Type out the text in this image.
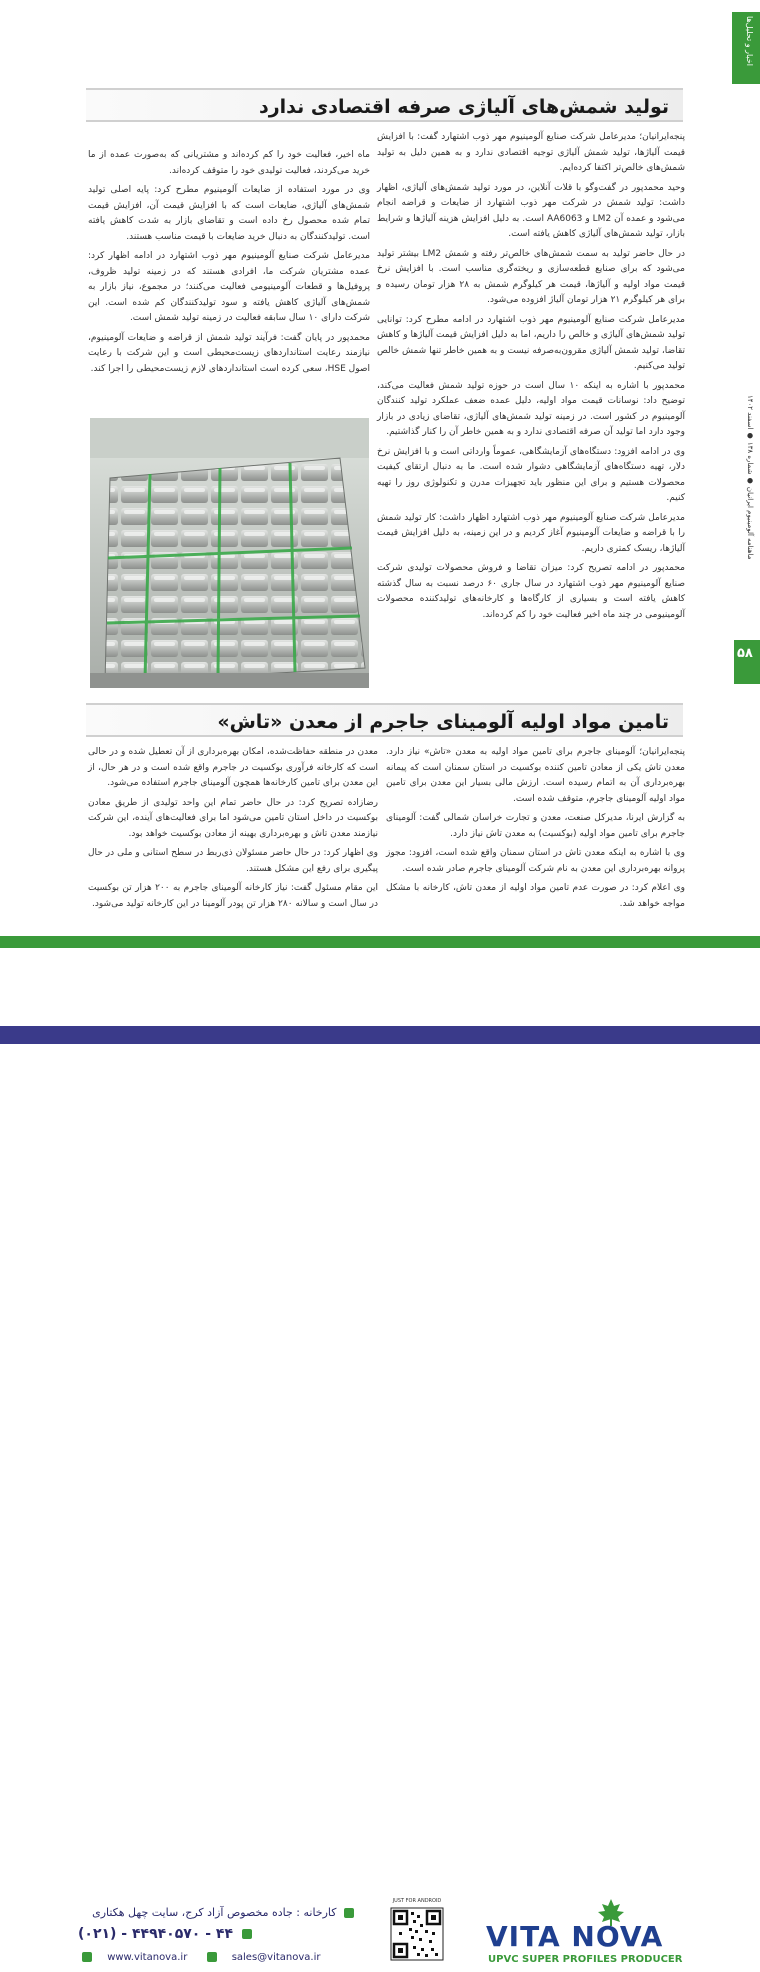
اخبار و تحلیل‌ها
ماهنامه آلومینیوم ایرانیان ● شماره ۱۳۸ ● اسفند ۱۴۰۲
۵۸
تولید شمش‌های آلیاژی صرفه اقتصادی ندارد

پنجه‌ایرانیان؛ مدیرعامل شرکت صنایع آلومینیوم مهر ذوب اشتهارد گفت: با افزایش قیمت آلیاژها، تولید شمش آلیاژی توجیه اقتصادی ندارد و به همین دلیل به تولید شمش‌های خالص‌تر اکتفا کرده‌ایم.

وحید محمدپور در گفت‌وگو با قلات آنلاین، در مورد تولید شمش‌های آلیاژی، اظهار داشت: تولید شمش در شرکت مهر ذوب اشتهارد از ضایعات و قراضه انجام می‌شود و عمده آن LM2 و AA6063 است. به دلیل افزایش هزینه آلیاژها و شرایط بازار، تولید شمش‌های آلیاژی کاهش یافته است.

در حال حاضر تولید به سمت شمش‌های خالص‌تر رفته و شمش LM2 بیشتر تولید می‌شود که برای صنایع قطعه‌سازی و ریخته‌گری مناسب است. با افزایش نرخ قیمت مواد اولیه و آلیاژها، قیمت هر کیلوگرم شمش به ۲۸ هزار تومان رسیده و برای هر کیلوگرم ۲۱ هزار تومان آلیاژ افزوده می‌شود.

مدیرعامل شرکت صنایع آلومینیوم مهر ذوب اشتهارد در ادامه مطرح کرد: توانایی تولید شمش‌های آلیاژی و خالص را داریم، اما به دلیل افزایش قیمت آلیاژها و کاهش تقاضا، تولید شمش آلیاژی مقرون‌به‌صرفه نیست و به همین خاطر تنها شمش خالص تولید می‌کنیم.

محمدپور با اشاره به اینکه ۱۰ سال است در حوزه تولید شمش فعالیت می‌کند، توضیح داد: نوسانات قیمت مواد اولیه، دلیل عمده ضعف عملکرد تولید کنندگان آلومینیوم در کشور است. در زمینه تولید شمش‌های آلیاژی، تقاضای زیادی در بازار وجود دارد اما تولید آن صرفه اقتصادی ندارد و به همین خاطر آن را کنار گذاشتیم.

وی در ادامه افزود: دستگاه‌های آزمایشگاهی، عموماً وارداتی است و با افزایش نرخ دلار، تهیه دستگاه‌های آزمایشگاهی دشوار شده است. ما به دنبال ارتقای کیفیت محصولات هستیم و برای این منظور باید تجهیزات مدرن و تکنولوژی روز را تهیه کنیم.

مدیرعامل شرکت صنایع آلومینیوم مهر ذوب اشتهارد اظهار داشت: کار تولید شمش را با قراضه و ضایعات آلومینیوم آغاز کردیم و در این زمینه، به دلیل افزایش قیمت آلیاژها، ریسک کمتری داریم.

محمدپور در ادامه تصریح کرد: میزان تقاضا و فروش محصولات تولیدی شرکت صنایع آلومینیوم مهر ذوب اشتهارد در سال جاری ۶۰ درصد نسبت به سال گذشته کاهش یافته است و بسیاری از کارگاه‌ها و کارخانه‌های تولیدکننده محصولات آلومینیومی در چند ماه اخیر فعالیت خود را کم کرده‌اند.

ماه اخیر، فعالیت خود را کم کرده‌اند و مشتریانی که به‌صورت عمده از ما خرید می‌کردند، فعالیت تولیدی خود را متوقف کرده‌اند.

وی در مورد استفاده از ضایعات آلومینیوم مطرح کرد: پایه اصلی تولید شمش‌های آلیاژی، ضایعات است که با افزایش قیمت آن، افزایش قیمت تمام شده محصول رخ داده است و تقاضای بازار به شدت کاهش یافته است. تولیدکنندگان به دنبال خرید ضایعات با قیمت مناسب هستند.

مدیرعامل شرکت صنایع آلومینیوم مهر ذوب اشتهارد در ادامه اظهار کرد: عمده مشتریان شرکت ما، افرادی هستند که در زمینه تولید ظروف، پروفیل‌ها و قطعات آلومینیومی فعالیت می‌کنند؛ در مجموع، نیاز بازار به شمش‌های آلیاژی کاهش یافته و سود تولیدکنندگان کم شده است. این شرکت دارای ۱۰ سال سابقه فعالیت در زمینه تولید شمش است.

محمدپور در پایان گفت: فرآیند تولید شمش از قراضه و ضایعات آلومینیوم، نیازمند رعایت استانداردهای زیست‌محیطی است و این شرکت با رعایت اصول HSE، سعی کرده است استانداردهای لازم زیست‌محیطی را اجرا کند.

تامین مواد اولیه آلومینای جاجرم از معدن «تاش»

پنجه‌ایرانیان؛ آلومینای جاجرم برای تامین مواد اولیه به معدن «تاش» نیاز دارد. معدن تاش یکی از معادن تامین کننده بوکسیت در استان سمنان است که پیمانه بهره‌برداری آن به اتمام رسیده است. ارزش مالی بسیار این معدن برای تامین مواد اولیه آلومینای جاجرم، متوقف شده است.

به گزارش ایرنا، مدیرکل صنعت، معدن و تجارت خراسان شمالی گفت: آلومینای جاجرم برای تامین مواد اولیه (بوکسیت) به معدن تاش نیاز دارد.

وی با اشاره به اینکه معدن تاش در استان سمنان واقع شده است، افزود: مجوز پروانه بهره‌برداری این معدن به نام شرکت آلومینای جاجرم صادر شده است.

وی اعلام کرد: در صورت عدم تامین مواد اولیه از معدن تاش، کارخانه با مشکل مواجه خواهد شد.

معدن در منطقه حفاظت‌شده، امکان بهره‌برداری از آن تعطیل شده و در حالی است که کارخانه فرآوری بوکسیت در جاجرم واقع شده است و در هر حال، از این معدن برای تامین کارخانه‌ها همچون آلومینای جاجرم استفاده می‌شود.

رضازاده تصریح کرد: در حال حاضر تمام این واحد تولیدی از طریق معادن بوکسیت در داخل استان تامین می‌شود اما برای فعالیت‌های آینده، این شرکت نیازمند معدن تاش و بهره‌برداری بهینه از معادن بوکسیت خواهد بود.

وی اظهار کرد: در حال حاضر مسئولان ذی‌ربط در سطح استانی و ملی در حال پیگیری برای رفع این مشکل هستند.

این مقام مسئول گفت: نیاز کارخانه آلومینای جاجرم به ۲۰۰ هزار تن بوکسیت در سال است و سالانه ۲۸۰ هزار تن پودر آلومینا در این کارخانه تولید می‌شود.

کارخانه : جاده مخصوص آزاد کرج، سایت چهل هکتاری
(۰۲۱) - ۴۴۹۴۰۵۷۰ - ۴۴
www.vitanova.ir	sales@vitanova.ir
JUST FOR ANDROID
VITA NOVA
UPVC SUPER PROFILES PRODUCER
